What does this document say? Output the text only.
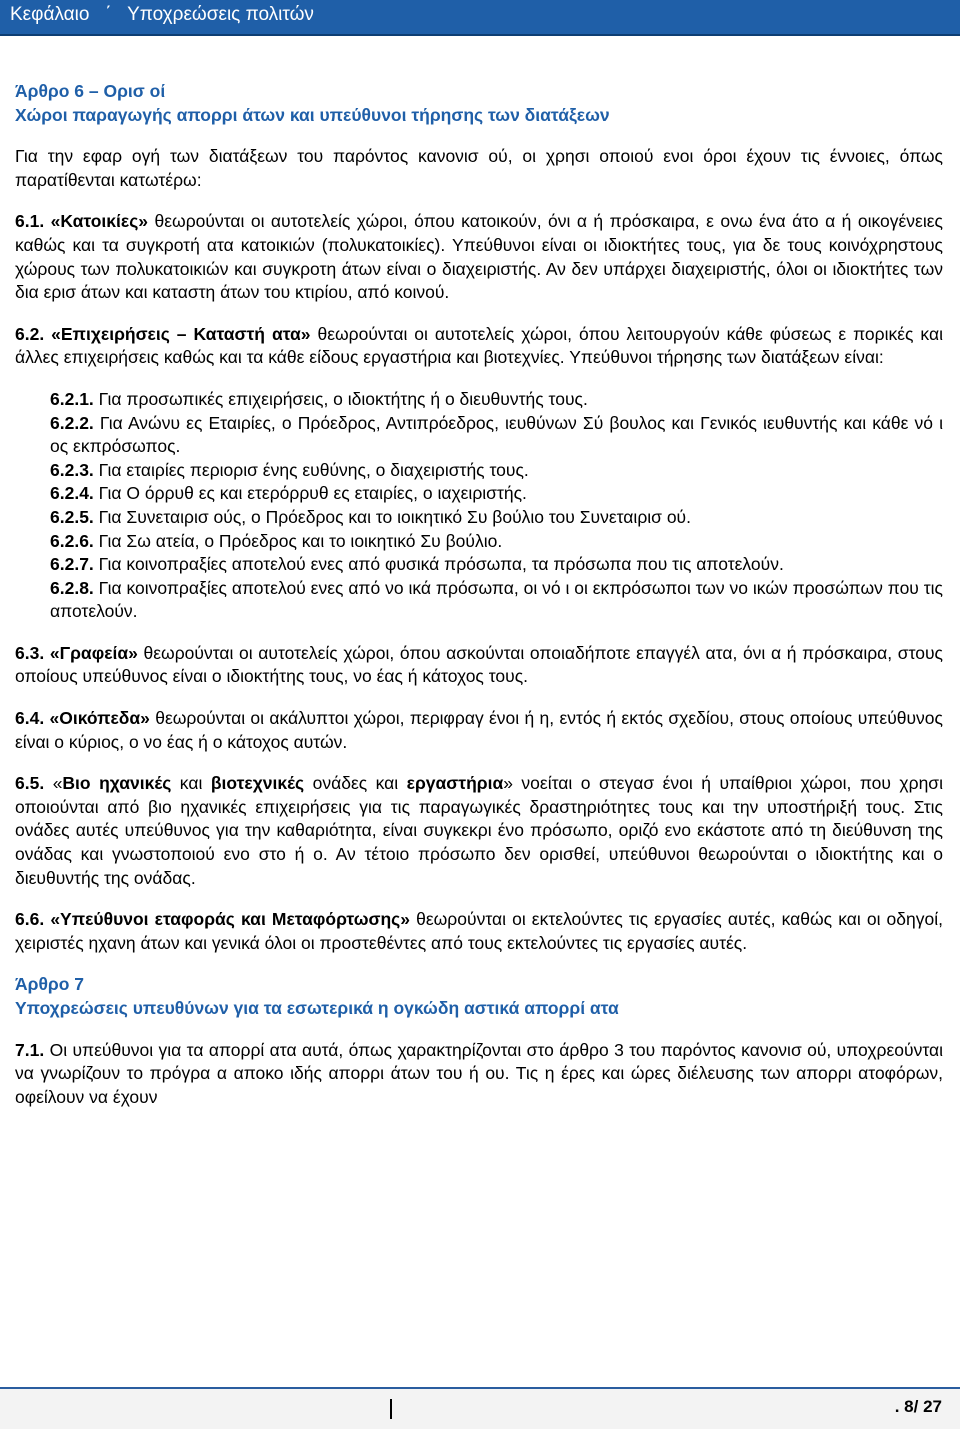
Κεφάλαιο   ΄   Υποχρεώσεις πολιτών

Άρθρο 6 – Ορισ οί

Χώροι παραγωγής απορρι άτων και υπεύθυνοι τήρησης των διατάξεων

Για την εφαρ ογή των διατάξεων του παρόντος κανονισ ού, οι χρησι οποιού ενοι όροι έχουν τις έννοιες, όπως παρατίθενται κατωτέρω:

6.1. «Κατοικίες» θεωρούνται οι αυτοτελείς χώροι, όπου κατοικούν, όνι α ή πρόσκαιρα, ε ονω ένα άτο α ή οικογένειες καθώς και τα συγκροτή ατα κατοικιών (πολυκατοικίες). Υπεύθυνοι είναι οι ιδιοκτήτες τους, για δε τους κοινόχρηστους χώρους των πολυκατοικιών και συγκροτη άτων είναι ο διαχειριστής. Αν δεν υπάρχει διαχειριστής, όλοι οι ιδιοκτήτες των δια ερισ άτων και καταστη άτων του κτιρίου, από κοινού.

6.2. «Επιχειρήσεις – Καταστή ατα» θεωρούνται οι αυτοτελείς χώροι, όπου λειτουργούν κάθε φύσεως ε πορικές και άλλες επιχειρήσεις καθώς και τα κάθε είδους εργαστήρια και βιοτεχνίες. Υπεύθυνοι τήρησης των διατάξεων είναι:

6.2.1. Για προσωπικές επιχειρήσεις, ο ιδιοκτήτης ή ο διευθυντής τους.

6.2.2. Για Ανώνυ ες Εταιρίες, ο Πρόεδρος, Αντιπρόεδρος, ιευθύνων Σύ βουλος και Γενικός ιευθυντής και κάθε νό ι ος εκπρόσωπος.

6.2.3. Για εταιρίες περιορισ ένης ευθύνης, ο διαχειριστής τους.

6.2.4. Για Ο όρρυθ ες και ετερόρρυθ ες εταιρίες, ο ιαχειριστής.

6.2.5. Για Συνεταιρισ ούς, ο Πρόεδρος και το ιοικητικό Συ βούλιο του Συνεταιρισ ού.

6.2.6. Για Σω ατεία, ο Πρόεδρος και το ιοικητικό Συ βούλιο.

6.2.7. Για κοινοπραξίες αποτελού ενες από φυσικά πρόσωπα, τα πρόσωπα που τις αποτελούν.

6.2.8. Για κοινοπραξίες αποτελού ενες από νο ικά πρόσωπα, οι νό ι οι εκπρόσωποι των νο ικών προσώπων που τις αποτελούν.

6.3. «Γραφεία» θεωρούνται οι αυτοτελείς χώροι, όπου ασκούνται οποιαδήποτε επαγγέλ ατα, όνι α ή πρόσκαιρα, στους οποίους υπεύθυνος είναι ο ιδιοκτήτης τους, νο έας ή κάτοχος τους.

6.4. «Οικόπεδα» θεωρούνται οι ακάλυπτοι χώροι, περιφραγ ένοι ή η, εντός ή εκτός σχεδίου, στους οποίους υπεύθυνος είναι ο κύριος, ο νο έας ή ο κάτοχος αυτών.

6.5. «Βιο ηχανικές και βιοτεχνικές ονάδες και εργαστήρια» νοείται ο στεγασ ένοι ή υπαίθριοι χώροι, που χρησι οποιούνται από βιο ηχανικές επιχειρήσεις για τις παραγωγικές δραστηριότητες τους και την υποστήριξή τους. Στις ονάδες αυτές υπεύθυνος για την καθαριότητα, είναι συγκεκρι ένο πρόσωπο, οριζό ενο εκάστοτε από τη διεύθυνση της ονάδας και γνωστοποιού ενο στο ή ο. Αν τέτοιο πρόσωπο δεν ορισθεί, υπεύθυνοι θεωρούνται ο ιδιοκτήτης και ο διευθυντής της ονάδας.

6.6. «Υπεύθυνοι εταφοράς και Μεταφόρτωσης» θεωρούνται οι εκτελούντες τις εργασίες αυτές, καθώς και οι οδηγοί, χειριστές ηχανη άτων και γενικά όλοι οι προστεθέντες από τους εκτελούντες τις εργασίες αυτές.

Άρθρο 7

Υποχρεώσεις υπευθύνων για τα εσωτερικά η ογκώδη αστικά απορρί ατα

7.1. Οι υπεύθυνοι για τα απορρί ατα αυτά, όπως χαρακτηρίζονται στο άρθρο 3 του παρόντος κανονισ ού, υποχρεούνται να γνωρίζουν το πρόγρα α αποκο ιδής απορρι άτων του ή ου. Τις η έρες και ώρες διέλευσης των απορρι ατοφόρων, οφείλουν να έχουν

. 8/ 27
